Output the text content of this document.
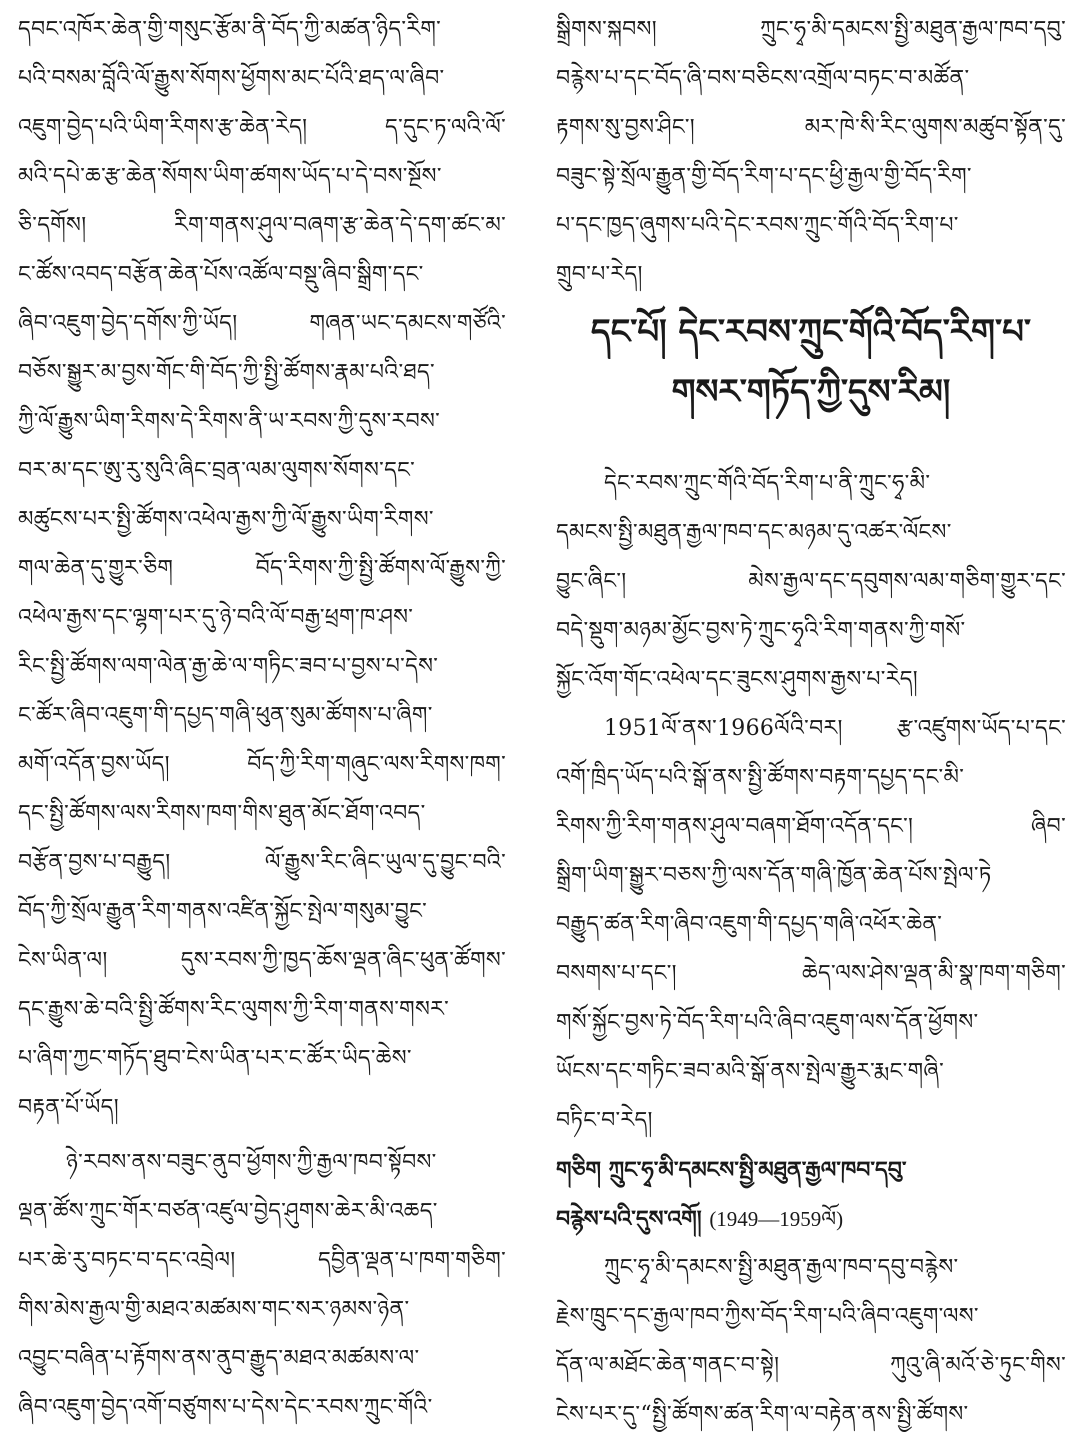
དབང་འཁོར་ཆེན་གྱི་གསུང་རྩོམ་ནི་བོད་ཀྱི་མཚན་ཉིད་རིག་
པའི་བསམ་བློའི་ལོ་རྒྱུས་སོགས་ཕྱོགས་མང་པོའི་ཐད་ལ་ཞིབ་
འཇུག་བྱེད་པའི་ཡིག་རིགས་རྩ་ཆེན་རེད། ད་དུང་ཏ་ལའི་ལོ་
མའི་དཔེ་ཆ་རྩ་ཆེན་སོགས་ཡིག་ཚགས་ཡོད་པ་དེ་བས་སྔོས་
ཅི་དགོས། རིག་གནས་ཤུལ་བཞག་རྩ་ཆེན་དེ་དག་ཚང་མ་
ང་ཚོས་འབད་བརྩོན་ཆེན་པོས་འཚོལ་བསྡུ་ཞིབ་སྒྲིག་དང་
ཞིབ་འཇུག་བྱེད་དགོས་ཀྱི་ཡོད། གཞན་ཡང་དམངས་གཙོའི་
བཅོས་སྒྱུར་མ་བྱས་གོང་གི་བོད་ཀྱི་སྤྱི་ཚོགས་རྣམ་པའི་ཐད་
ཀྱི་ལོ་རྒྱུས་ཡིག་རིགས་དེ་རིགས་ནི་ཡ་རབས་ཀྱི་དུས་རབས་
བར་མ་དང་ཨུ་རུ་སུའི་ཞིང་བྲན་ལམ་ལུགས་སོགས་དང་
མཚུངས་པར་སྤྱི་ཚོགས་འཕེལ་རྒྱས་ཀྱི་ལོ་རྒྱུས་ཡིག་རིགས་
གལ་ཆེན་དུ་གྱུར་ཅིག བོད་རིགས་ཀྱི་སྤྱི་ཚོགས་ལོ་རྒྱུས་ཀྱི་
འཕེལ་རྒྱས་དང་ལྷག་པར་དུ་ཉེ་བའི་ལོ་བརྒྱ་ཕྲག་ཁ་ཤས་
རིང་སྤྱི་ཚོགས་ལག་ལེན་རྒྱ་ཆེ་ལ་གཏིང་ཟབ་པ་བྱས་པ་དེས་
ང་ཚོར་ཞིབ་འཇུག་གི་དཔྱད་གཞི་ཕུན་སུམ་ཚོགས་པ་ཞིག་
མགོ་འདོན་བྱས་ཡོད། བོད་ཀྱི་རིག་གཞུང་ལས་རིགས་ཁག་
དང་སྤྱི་ཚོགས་ལས་རིགས་ཁག་གིས་ཐུན་མོང་ཐོག་འབད་
བརྩོན་བྱས་པ་བརྒྱུད། ལོ་རྒྱུས་རིང་ཞིང་ཡུལ་དུ་བྱུང་བའི་
བོད་ཀྱི་སྲོལ་རྒྱུན་རིག་གནས་འཛིན་སྐྱོང་སྤེལ་གསུམ་བྱུང་
ངེས་ཡིན་ལ། དུས་རབས་ཀྱི་ཁྱད་ཆོས་ལྡན་ཞིང་ཕུན་ཚོགས་
དང་རྒྱུས་ཆེ་བའི་སྤྱི་ཚོགས་རིང་ལུགས་ཀྱི་རིག་གནས་གསར་
པ་ཞིག་ཀྱང་གཏོད་ཐུབ་ངེས་ཡིན་པར་ང་ཚོར་ཡིད་ཆེས་
བརྟན་པོ་ཡོད།
ཉེ་རབས་ནས་བཟུང་ནུབ་ཕྱོགས་ཀྱི་རྒྱལ་ཁབ་སྟོབས་
ལྡན་ཚོས་ཀྲུང་གོར་བཙན་འཛུལ་བྱེད་ཤུགས་ཆེར་མི་འཆད་
པར་ཆེ་རུ་བཏང་བ་དང་འབྲེལ། དབྱིན་ལྡན་པ་ཁག་གཅིག་
གིས་མེས་རྒྱལ་གྱི་མཐའ་མཚམས་གང་སར་ཉམས་ཉེན་
འབྱུང་བཞིན་པ་རྟོགས་ནས་ནུབ་རྒྱུད་མཐའ་མཚམས་ལ་
ཞིབ་འཇུག་བྱེད་འགོ་བཙུགས་པ་དེས་དེང་རབས་ཀྲུང་གོའི་
སྒྲིགས་སྐབས། ཀྲུང་ཧྭ་མི་དམངས་སྤྱི་མཐུན་རྒྱལ་ཁབ་དབུ་
བརྙེས་པ་དང་བོད་ཞི་བས་བཅིངས་འགྲོལ་བཏང་བ་མཚོན་
རྟགས་སུ་བྱས་ཤིང་། མར་ཁེ་སི་རིང་ལུགས་མཚུབ་སྟོན་དུ་
བཟུང་སྟེ་སྲོལ་རྒྱུན་གྱི་བོད་རིག་པ་དང་ཕྱི་རྒྱལ་གྱི་བོད་རིག་
པ་དང་ཁྱད་ཞུགས་པའི་དེང་རབས་ཀྲུང་གོའི་བོད་རིག་པ་
གྲུབ་པ་རེད།
དང་པོ། དེང་རབས་ཀྲུང་གོའི་བོད་རིག་པ་
གསར་གཏོད་ཀྱི་དུས་རིམ།
དེང་རབས་ཀྲུང་གོའི་བོད་རིག་པ་ནི་ཀྲུང་ཧྭ་མི་
དམངས་སྤྱི་མཐུན་རྒྱལ་ཁབ་དང་མཉམ་དུ་འཚར་ལོངས་
བྱུང་ཞིང་། མེས་རྒྱལ་དང་དབུགས་ལམ་གཅིག་གྱུར་དང་
བདེ་སྡུག་མཉམ་མྱོང་བྱས་ཏེ་ཀྲུང་ཧྭའི་རིག་གནས་ཀྱི་གསོ་
སྐྱོང་འོག་གོང་འཕེལ་དང་ཟུངས་ཤུགས་རྒྱས་པ་རེད།
1951ལོ་ནས་1966ལོའི་བར། རྩ་འཛུགས་ཡོད་པ་དང་
འགོ་ཁྲིད་ཡོད་པའི་སྒོ་ནས་སྤྱི་ཚོགས་བརྟག་དཔྱད་དང་མི་
རིགས་ཀྱི་རིག་གནས་ཤུལ་བཞག་ཐོག་འདོན་དང་། ཞིབ་
སྒྲིག་ཡིག་སྒྱུར་བཅས་ཀྱི་ལས་དོན་གཞི་ཁྱོན་ཆེན་པོས་སྤེལ་ཏེ
བརྒྱུད་ཚན་རིག་ཞིབ་འཇུག་གི་དཔྱད་གཞི་འཕོར་ཆེན་
བསགས་པ་དང་། ཆེད་ལས་ཤེས་ལྡན་མི་སྣ་ཁག་གཅིག་
གསོ་སྐྱོང་བྱས་ཏེ་བོད་རིག་པའི་ཞིབ་འཇུག་ལས་དོན་ཕྱོགས་
ཡོངས་དང་གཏིང་ཟབ་མའི་སྒོ་ནས་སྤེལ་རྒྱུར་རྨང་གཞི་
བཏིང་བ་རེད།
གཅིག ཀྲུང་ཧྭ་མི་དམངས་སྤྱི་མཐུན་རྒྱལ་ཁབ་དབུ་
བརྙེས་པའི་དུས་འགོ། (1949—1959ལོ)
ཀྲུང་ཧྭ་མི་དམངས་སྤྱི་མཐུན་རྒྱལ་ཁབ་དབུ་བརྙེས་
རྗེས་ཁྲུང་དང་རྒྱལ་ཁབ་ཀྱིས་བོད་རིག་པའི་ཞིབ་འཇུག་ལས་
དོན་ལ་མཐོང་ཆེན་གནང་བ་སྟེ། ཀུའུ་ཞི་མའོ་ཅེ་ཏུང་གིས་
ངེས་པར་དུ་“སྤྱི་ཚོགས་ཚན་རིག་ལ་བརྟེན་ནས་སྤྱི་ཚོགས་
